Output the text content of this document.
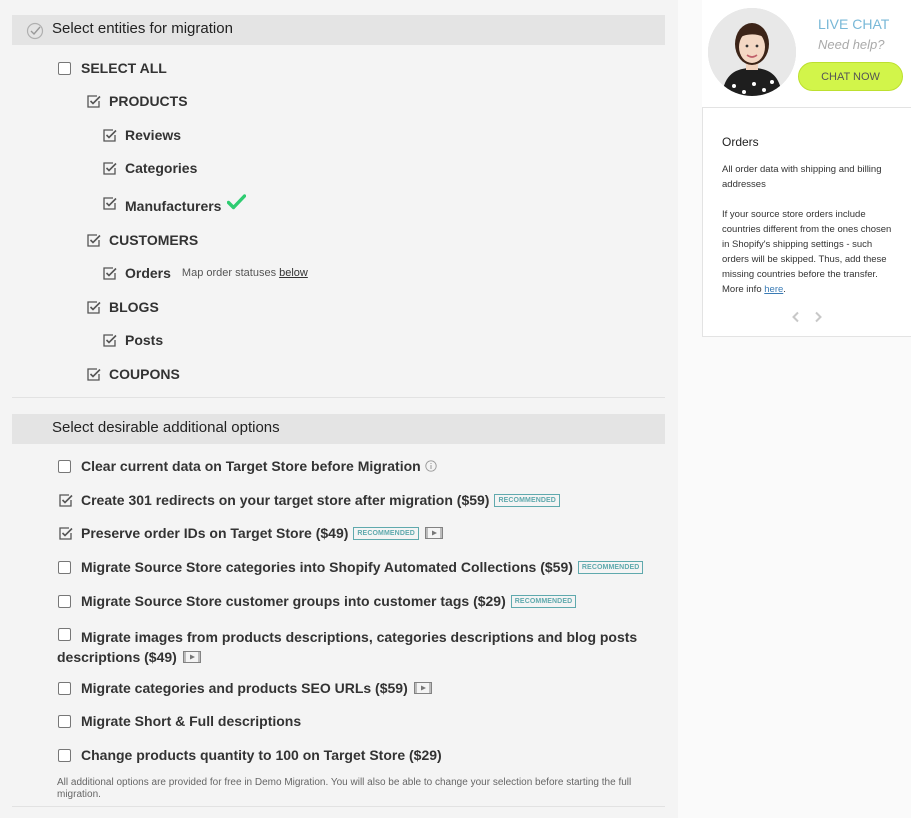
Select entities for migration
SELECT ALL
PRODUCTS
Reviews
Categories
Manufacturers
CUSTOMERS
Orders Map order statuses below
BLOGS
Posts
COUPONS
Select desirable additional options
Clear current data on Target Store before Migration
Create 301 redirects on your target store after migration ($59)	RECOMMENDED
Preserve order IDs on Target Store ($49)	RECOMMENDED
Migrate Source Store categories into Shopify Automated Collections ($59)	RECOMMENDED
Migrate Source Store customer groups into customer tags ($29)	RECOMMENDED
Migrate images from products descriptions, categories descriptions and blog posts
descriptions ($49)
Migrate categories and products SEO URLs ($59)
Migrate Short & Full descriptions
Change products quantity to 100 on Target Store ($29)
All additional options are provided for free in Demo Migration. You will also be able to change your selection before starting the full migration.
LIVE CHAT
Need help?
CHAT NOW
Orders

All order data with shipping and billing addresses

If your source store orders include countries different from the ones chosen in Shopify's shipping settings - such orders will be skipped. Thus, add these missing countries before the transfer. More info here.
